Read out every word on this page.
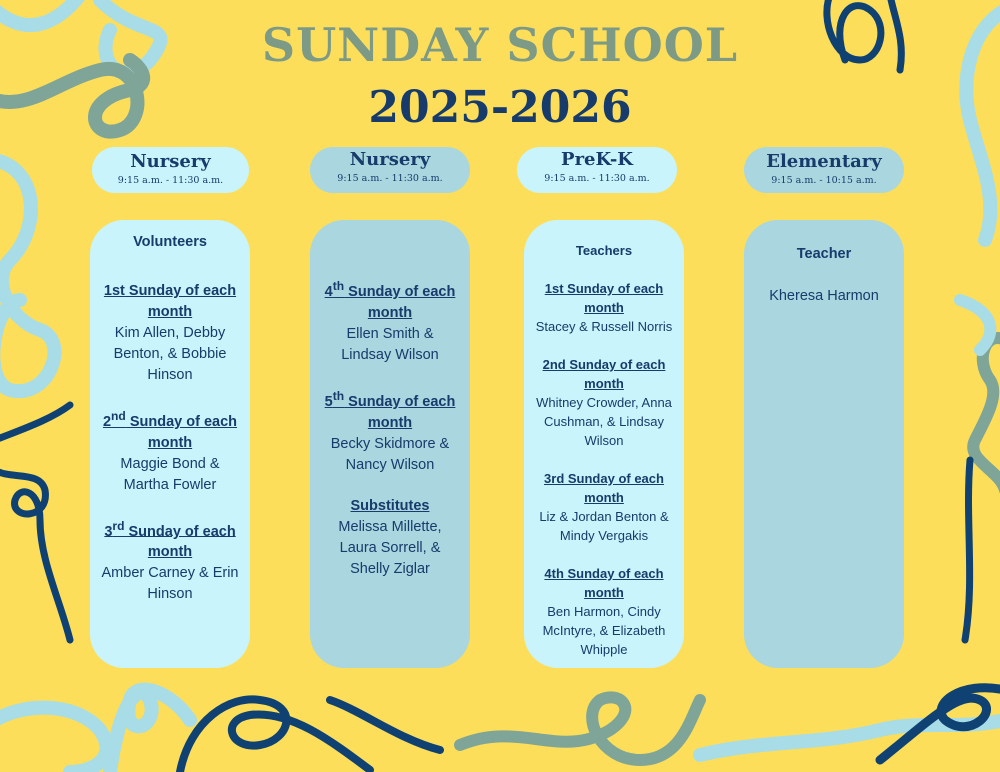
SUNDAY SCHOOL
2025-2026
Nursery
9:15 a.m. - 11:30 a.m.

Volunteers

1st Sunday of each month
Kim Allen, Debby Benton, & Bobbie Hinson
2nd Sunday of each month
Maggie Bond & Martha Fowler
3rd Sunday of each month
Amber Carney & Erin Hinson
Nursery
9:15 a.m. - 11:30 a.m.
4th Sunday of each month
Ellen Smith & Lindsay Wilson
5th Sunday of each month
Becky Skidmore & Nancy Wilson
Substitutes
Melissa Millette, Laura Sorrell, & Shelly Ziglar
PreK-K
9:15 a.m. - 11:30 a.m.

Teachers

1st Sunday of each month
Stacey & Russell Norris
2nd Sunday of each month
Whitney Crowder, Anna Cushman, & Lindsay Wilson
3rd Sunday of each month
Liz & Jordan Benton & Mindy Vergakis
4th Sunday of each month
Ben Harmon, Cindy McIntyre, & Elizabeth Whipple
Elementary
9:15 a.m. - 10:15 a.m.

Teacher

Kheresa Harmon
